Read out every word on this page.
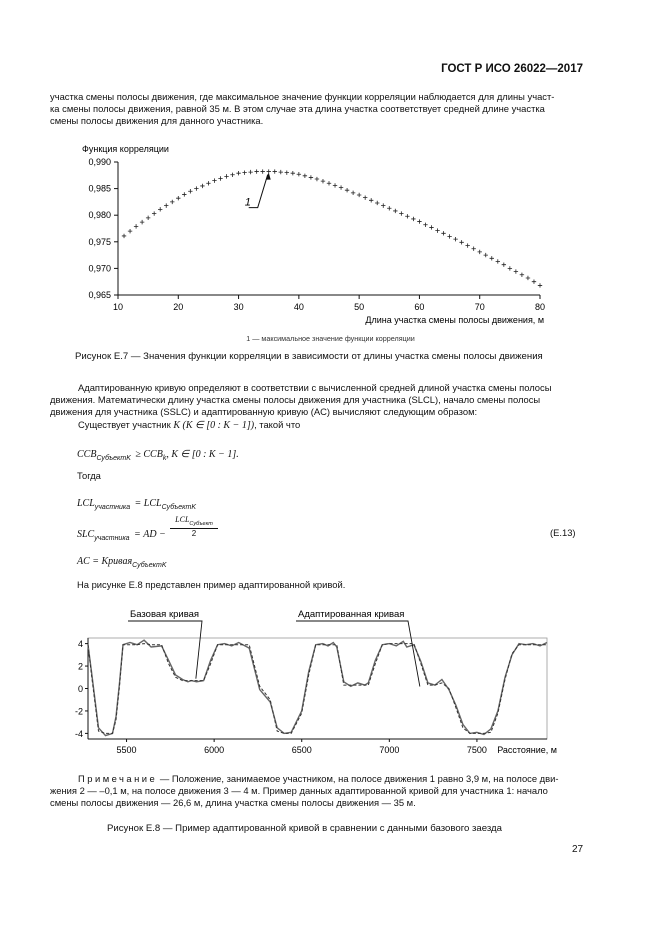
ГОСТ Р ИСО 26022—2017

участка смены полосы движения, где максимальное значение функции корреляции наблюдается для длины участ-

ка смены полосы движения, равной 35 м. В этом случае эта длина участка соответствует средней длине участка

смены полосы движения для данного участника.

Функция корреляции
Длина участка смены полосы движения, м
10	20	30	40	50	60	70	80
0,965
0,970
0,975
0,980
0,985
0,990
1
1 — максимальное значение функции корреляции
Рисунок Е.7 — Значения функции корреляции в зависимости от длины участка смены полосы движения

Адаптированную кривую определяют в соответствии с вычисленной средней длиной участка смены полосы

движения. Математически длину участка смены полосы движения для участника (SLCL), начало смены полосы

движения для участника (SSLC) и адаптированную кривую (AC) вычисляют следующим образом:

Существует участник K (K ∈ [0 : K − 1]), такой что

$CCB_{СубъектK} \ge CCB_k$, K ∈ [0 : K − 1].
Тогда
$LCL_{участника} = LCL_{СубъектK}$
$SLC_{участника}$ = AD −
$LCL_{Субъект}$
2	(Е.13)
AC = Кривая$_{СубъектK}$
На рисунке Е.8 представлен пример адаптированной кривой.
4
2
0
-2
-4
5500	6000	6500	7000	7500 Расстояние, м
Базовая кривая	Адаптированная кривая

Примечание — Положение, занимаемое участником, на полосе движения 1 равно 3,9 м, на полосе дви-

жения 2 — –0,1 м, на полосе движения 3 — 4 м. Пример данных адаптированной кривой для участника 1: начало

смены полосы движения — 26,6 м, длина участка смены полосы движения — 35 м.

Рисунок Е.8 — Пример адаптированной кривой в сравнении с данными базового заезда
27
